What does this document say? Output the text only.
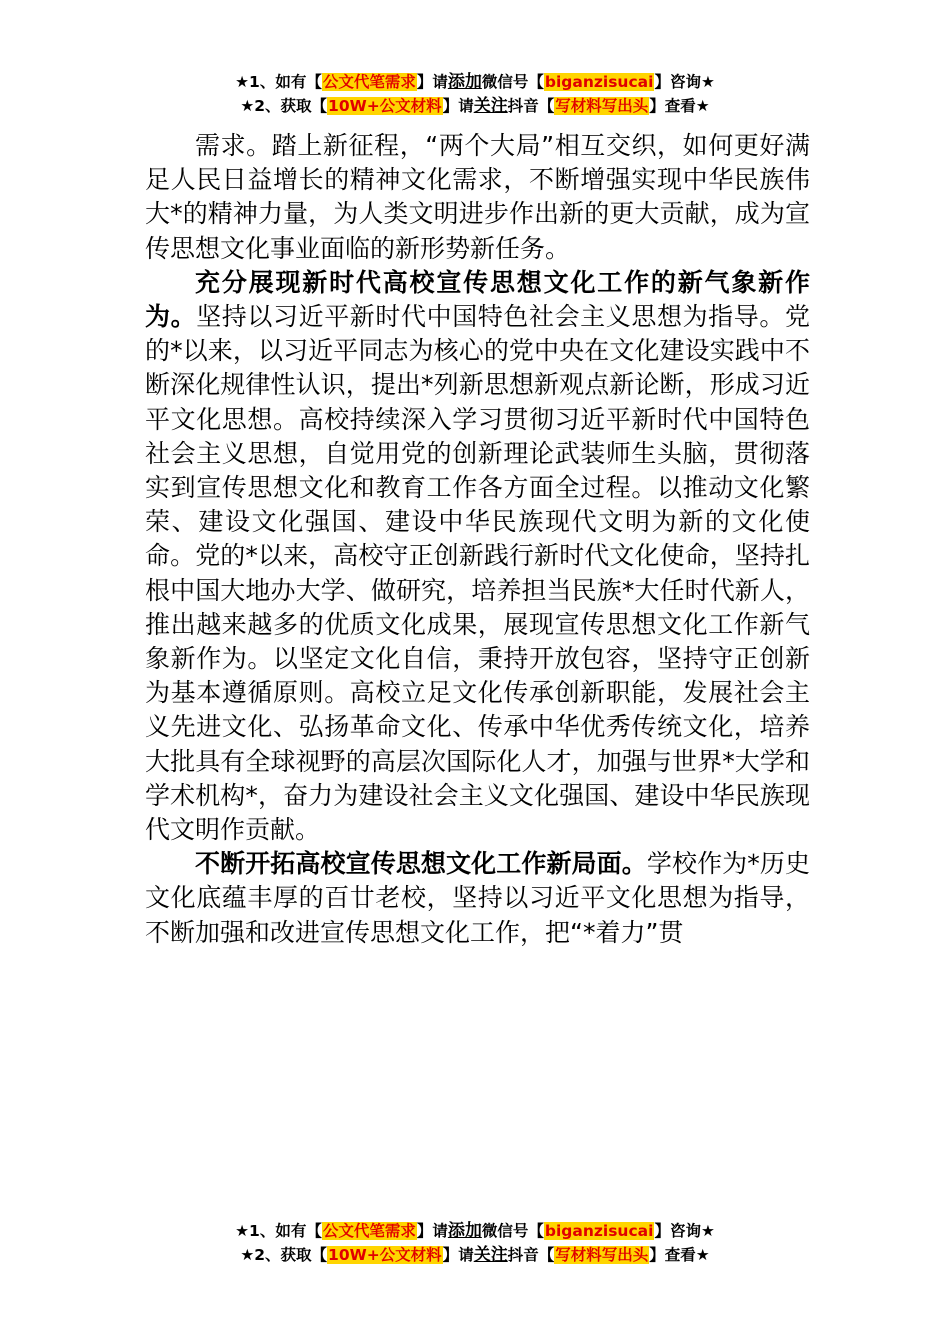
★1、如有【公文代笔需求】请添加微信号【biganzisucai】咨询★
★2、获取【10W+公文材料】请关注抖音【写材料写出头】查看★

需求。踏上新征程，“两个大局”相互交织，如何更好满足人民日益增长的精神文化需求，不断增强实现中华民族伟大*的精神力量，为人类文明进步作出新的更大贡献，成为宣传思想文化事业面临的新形势新任务。

充分展现新时代高校宣传思想文化工作的新气象新作为。坚持以习近平新时代中国特色社会主义思想为指导。党的*以来，以习近平同志为核心的党中央在文化建设实践中不断深化规律性认识，提出*列新思想新观点新论断，形成习近平文化思想。高校持续深入学习贯彻习近平新时代中国特色社会主义思想，自觉用党的创新理论武装师生头脑，贯彻落实到宣传思想文化和教育工作各方面全过程。以推动文化繁荣、建设文化强国、建设中华民族现代文明为新的文化使命。党的*以来，高校守正创新践行新时代文化使命，坚持扎根中国大地办大学、做研究，培养担当民族*大任时代新人，推出越来越多的优质文化成果，展现宣传思想文化工作新气象新作为。以坚定文化自信，秉持开放包容，坚持守正创新为基本遵循原则。高校立足文化传承创新职能，发展社会主义先进文化、弘扬革命文化、传承中华优秀传统文化，培养大批具有全球视野的高层次国际化人才，加强与世界*大学和学术机构*，奋力为建设社会主义文化强国、建设中华民族现代文明作贡献。

不断开拓高校宣传思想文化工作新局面。学校作为*历史文化底蕴丰厚的百廿老校，坚持以习近平文化思想为指导，不断加强和改进宣传思想文化工作，把“*着力”贯

★1、如有【公文代笔需求】请添加微信号【biganzisucai】咨询★
★2、获取【10W+公文材料】请关注抖音【写材料写出头】查看★
